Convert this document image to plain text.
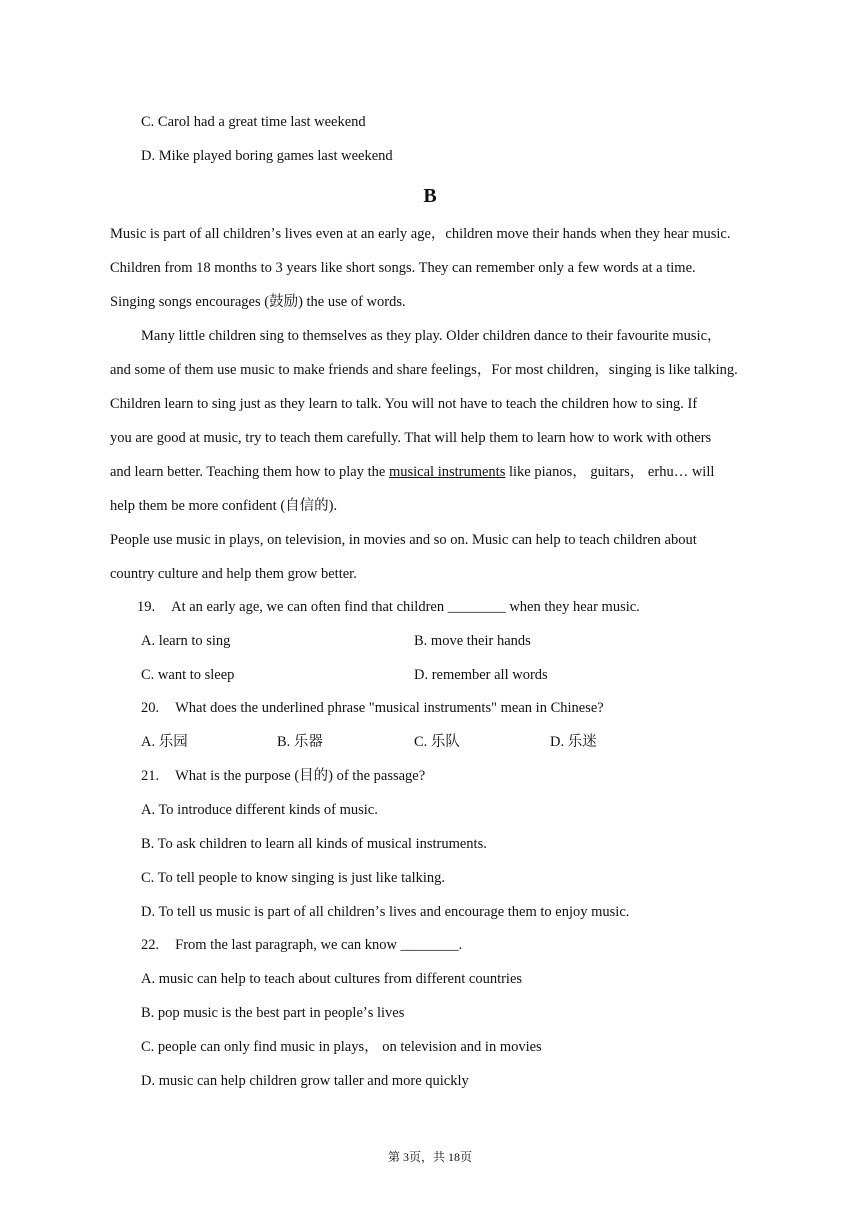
C. Carol had a great time last weekend
D. Mike played boring games last weekend
B
Music is part of all childrenʼs lives even at an early age，children move their hands when they hear music.
Children from 18 months to 3 years like short songs. They can remember only a few words at a time.
Singing songs encourages (鼓励) the use of words.
Many little children sing to themselves as they play. Older children dance to their favourite music，
and some of them use music to make friends and share feelings，For most children，singing is like talking.
Children learn to sing just as they learn to talk. You will not have to teach the children how to sing. If
you are good at music, try to teach them carefully. That will help them to learn how to work with others
and learn better. Teaching them how to play the musical instruments like pianos， guitars， erhu… will
help them be more confident (自信的).
People use music in plays, on television, in movies and so on. Music can help to teach children about
country culture and help them grow better.
19. At an early age, we can often find that children ________ when they hear music.
A. learn to sing	B. move their hands
C. want to sleep	D. remember all words
20. What does the underlined phrase "musical instruments" mean in Chinese?
A. 乐园	B. 乐器	C. 乐队	D. 乐迷
21. What is the purpose (目的) of the passage?
A. To introduce different kinds of music.
B. To ask children to learn all kinds of musical instruments.
C. To tell people to know singing is just like talking.
D. To tell us music is part of all childrenʼs lives and encourage them to enjoy music.
22. From the last paragraph, we can know ________.
A. music can help to teach about cultures from different countries
B. pop music is the best part in peopleʼs lives
C. people can only find music in plays， on television and in movies
D. music can help children grow taller and more quickly
第 3页，共 18页
